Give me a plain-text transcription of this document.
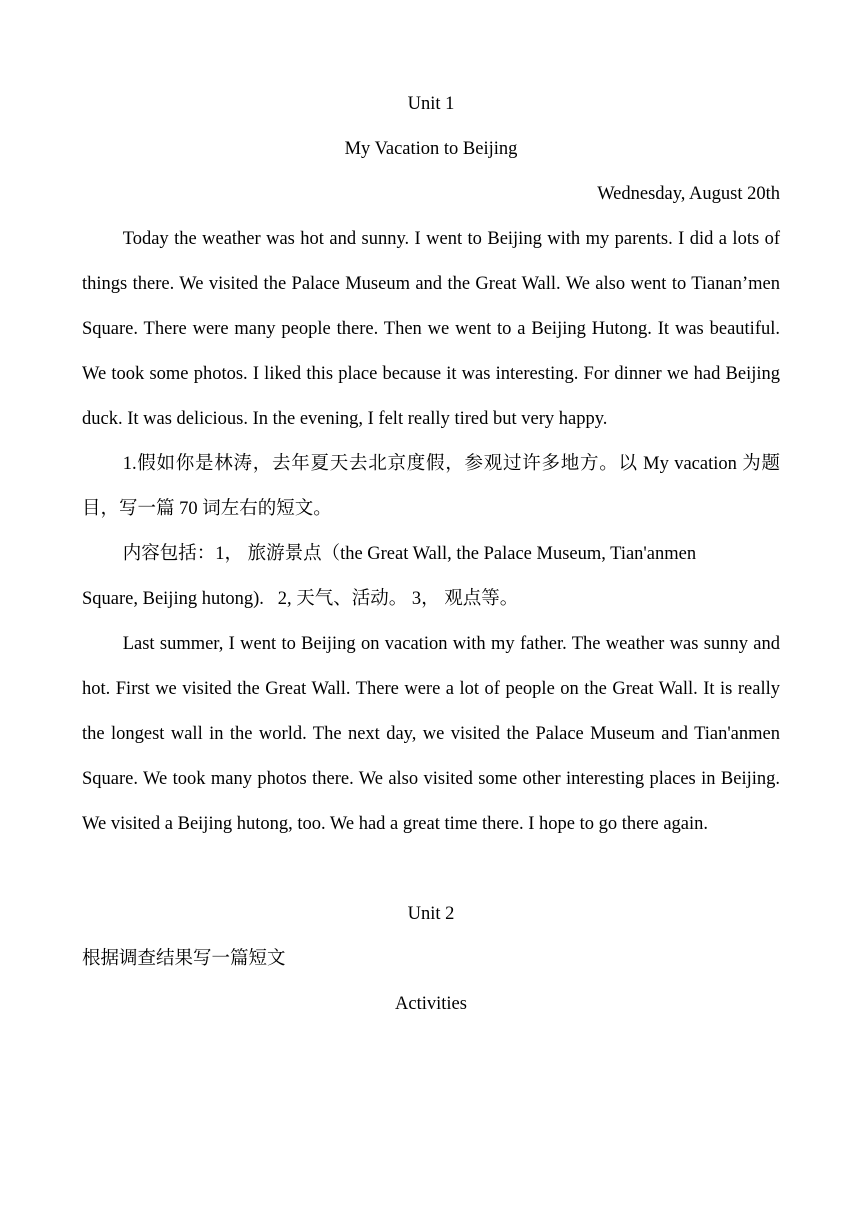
Unit 1
My Vacation to Beijing
Wednesday, August 20th

Today the weather was hot and sunny. I went to Beijing with my parents. I did a lots of things there. We visited the Palace Museum and the Great Wall. We also went to Tianan’men Square. There were many people there. Then we went to a Beijing Hutong. It was beautiful. We took some photos. I liked this place because it was interesting. For dinner we had Beijing duck. It was delicious. In the evening, I felt really tired but very happy.

1.假如你是林涛，去年夏天去北京度假，参观过许多地方。以 My vacation 为题目，写一篇 70 词左右的短文。

内容包括：1， 旅游景点（the Great Wall, the Palace Museum, Tian'anmen

Square, Beijing hutong).   2, 天气、活动。 3， 观点等。

Last summer, I went to Beijing on vacation with my father. The weather was sunny and hot. First we visited the Great Wall. There were a lot of people on the Great Wall. It is really the longest wall in the world. The next day, we visited the Palace Museum and Tian'anmen Square. We took many photos there. We also visited some other interesting places in Beijing. We visited a Beijing hutong, too. We had a great time there. I hope to go there again.

Unit 2
根据调查结果写一篇短文
Activities
